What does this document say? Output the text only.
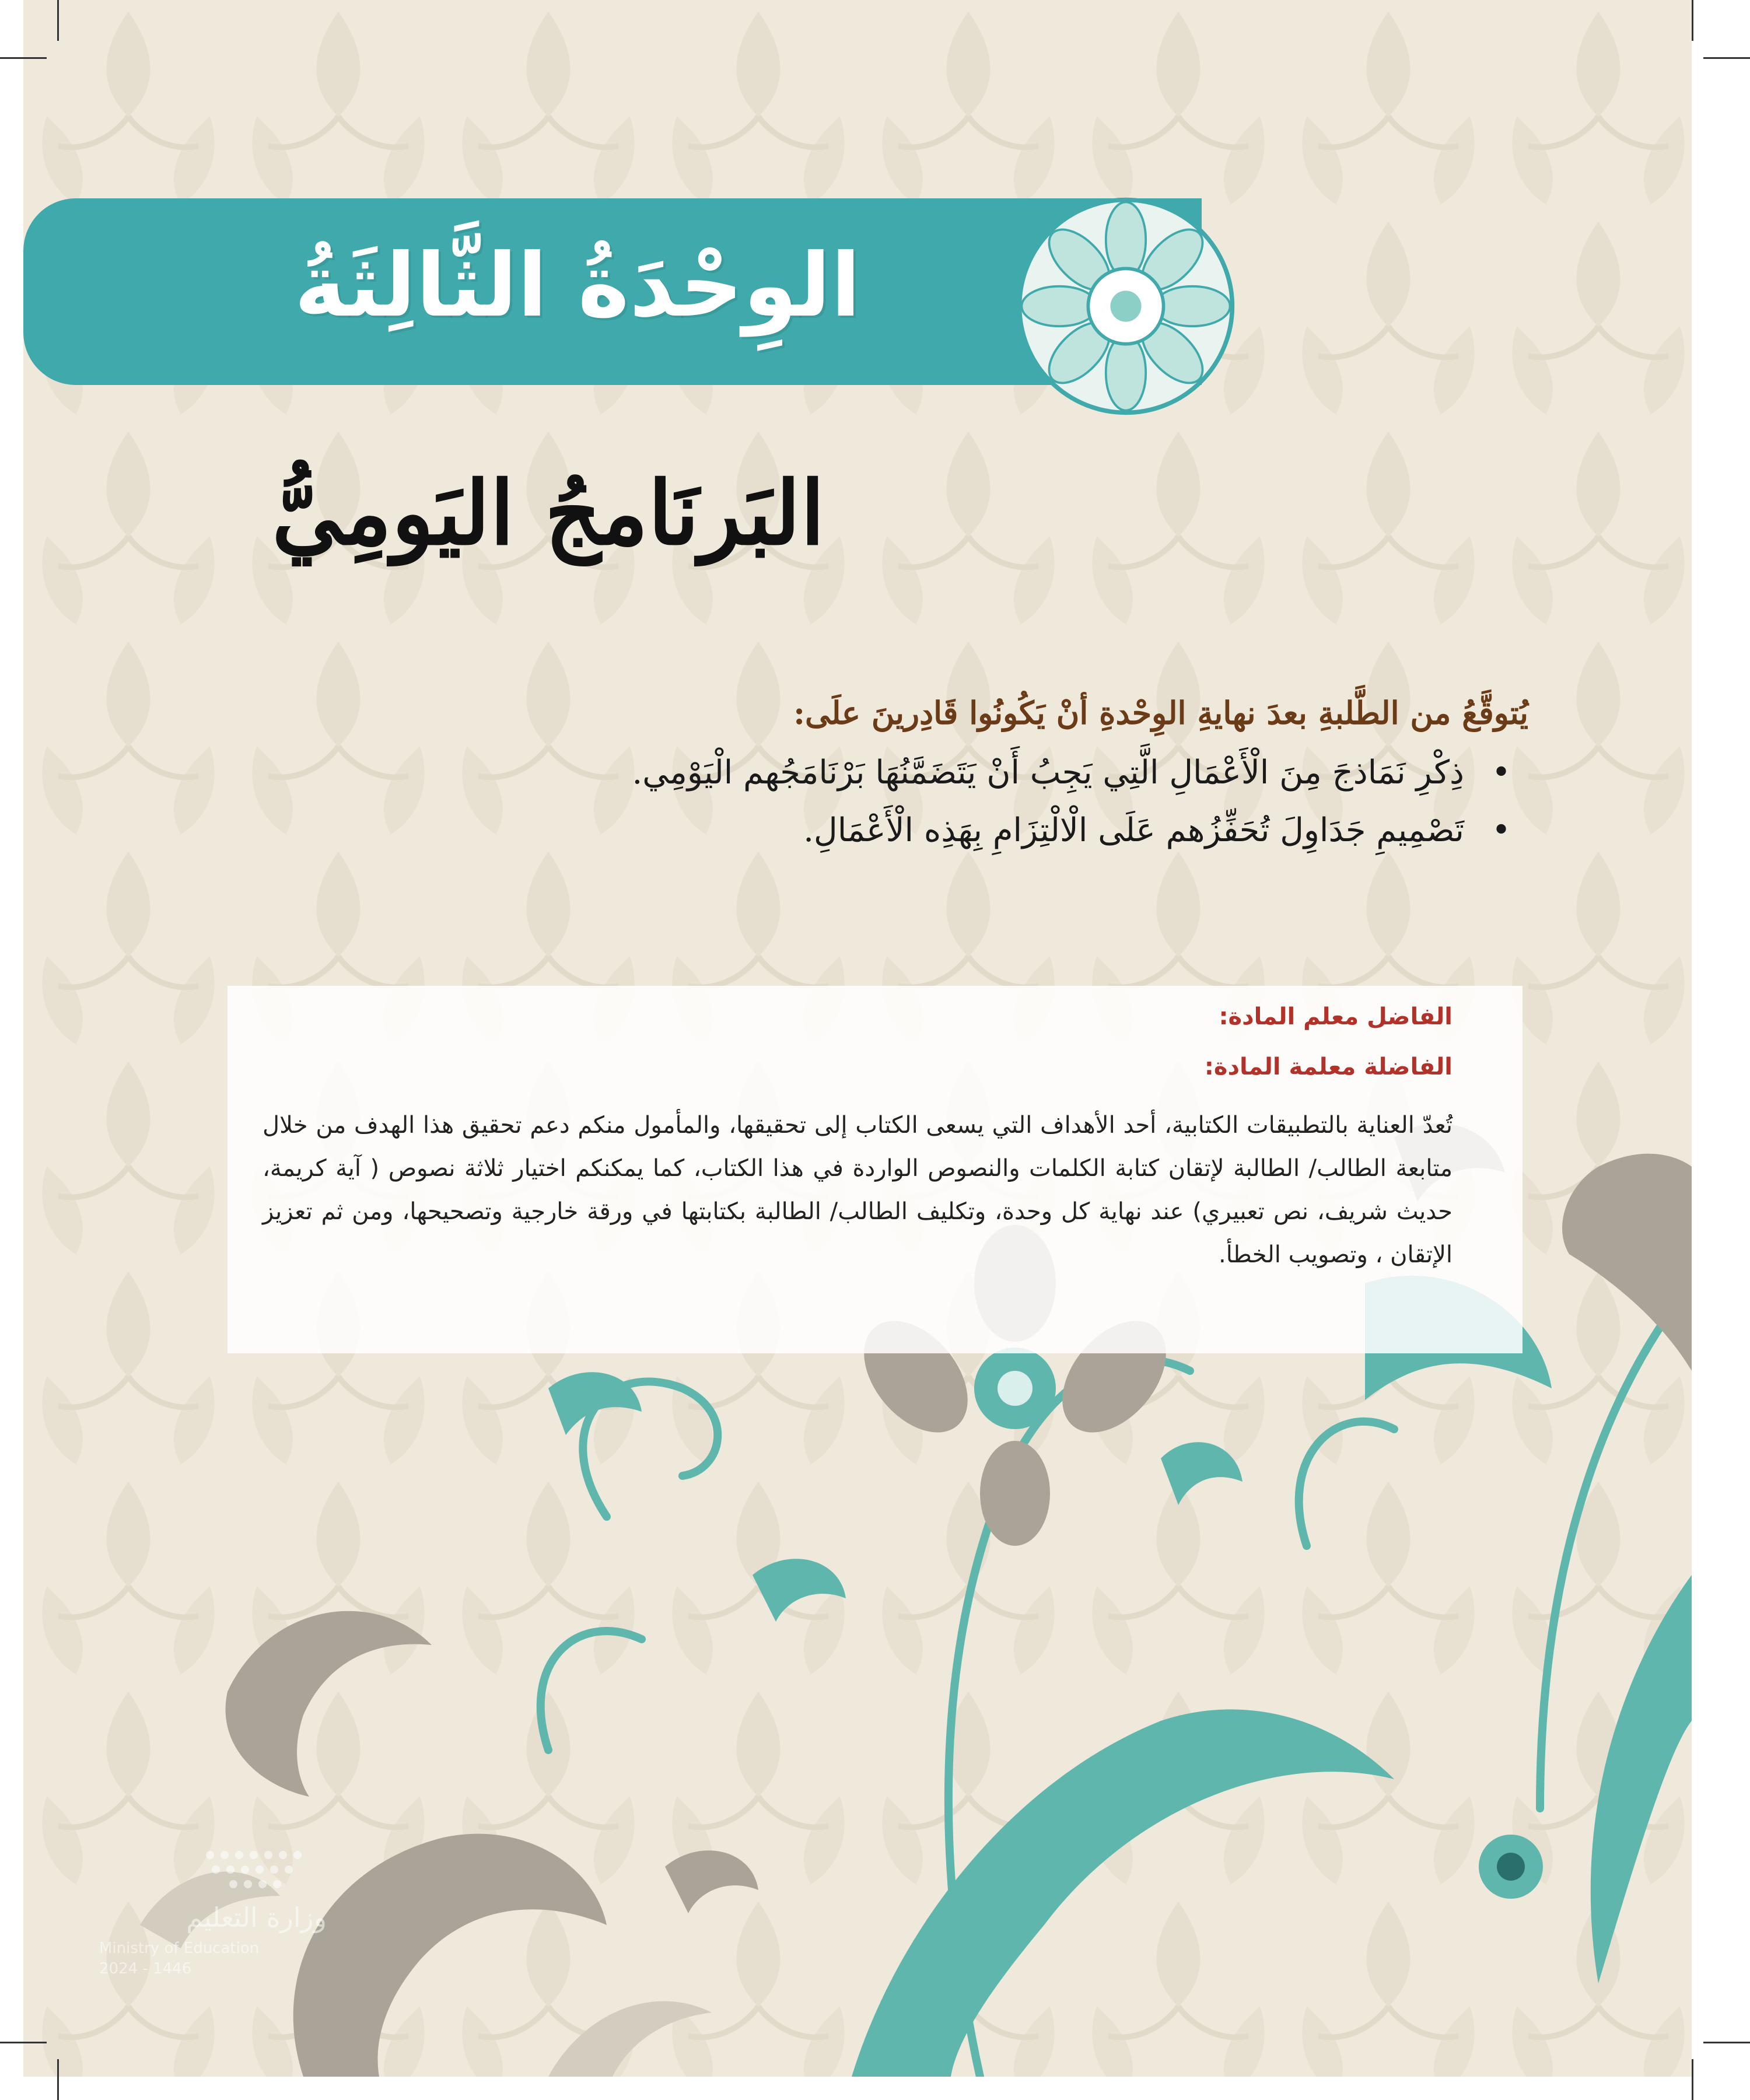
الوِحْدَةُ الثَّالِثَةُ
البَرنَامجُ اليَومِيُّ

يُتوقَّعُ من الطَّلبةِ بعدَ نهايةِ الوِحْدةِ أنْ يَكُونُوا قَادِرينَ علَى:

•
ذِكْرِ نَمَاذجَ مِنَ الْأَعْمَالِ الَّتِي يَجِبُ أَنْ يَتَضَمَّنُهَا بَرْنَامَجُهم الْيَوْمِي.
•
تَصْمِيمِ جَدَاوِلَ تُحَفِّزُهم عَلَى الْالْتِزَامِ بِهَذِه الْأَعْمَالِ.

الفاضل معلم المادة:

الفاضلة معلمة المادة:

تُعدّ العناية بالتطبيقات الكتابية، أحد الأهداف التي يسعى الكتاب إلى تحقيقها، والمأمول منكم دعم تحقيق هذا الهدف من خلال متابعة الطالب/ الطالبة لإتقان كتابة الكلمات والنصوص الواردة في هذا الكتاب، كما يمكنكم اختيار ثلاثة نصوص ( آية كريمة، حديث شريف، نص تعبيري) عند نهاية كل وحدة، وتكليف الطالب/ الطالبة بكتابتها في ورقة خارجية وتصحيحها، ومن ثم تعزيز الإتقان ، وتصويب الخطأ.

وزارة التعليم
Ministry of Education
2024 - 1446
